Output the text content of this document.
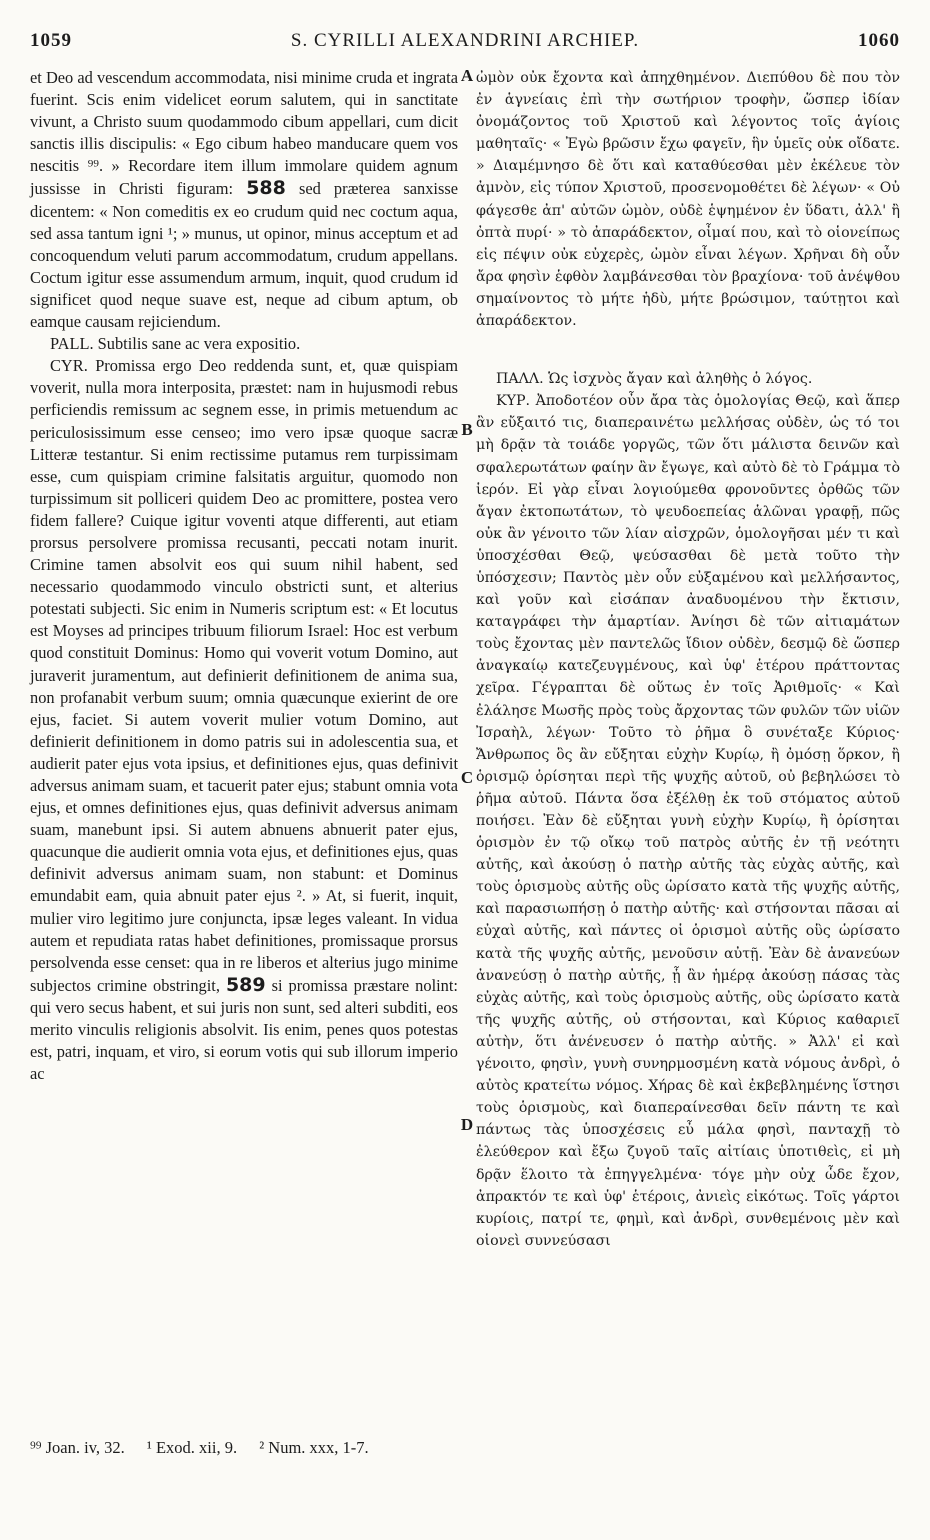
1059	S. CYRILLI ALEXANDRINI ARCHIEP.	1060

et Deo ad vescendum accommodata, nisi minime cruda et ingrata fuerint. Scis enim videlicet eorum salutem, qui in sanctitate vivunt, a Christo suum quodammodo cibum appellari, cum dicit sanctis illis discipulis: « Ego cibum habeo manducare quem vos nescitis ⁹⁹. » Recordare item illum immolare quidem agnum jussisse in Christi figuram: 588 sed præterea sanxisse dicentem: « Non comeditis ex eo crudum quid nec coctum aqua, sed assa tantum igni ¹; » munus, ut opinor, minus acceptum et ad concoquendum veluti parum accommodatum, crudum appellans. Coctum igitur esse assumendum armum, inquit, quod crudum id significet quod neque suave est, neque ad cibum aptum, ob eamque causam rejiciendum.

PALL. Subtilis sane ac vera expositio.

CYR. Promissa ergo Deo reddenda sunt, et, quæ quispiam voverit, nulla mora interposita, præstet: nam in hujusmodi rebus perficiendis remissum ac segnem esse, in primis metuendum ac periculosissimum esse censeo; imo vero ipsæ quoque sacræ Litteræ testantur. Si enim rectissime putamus rem turpissimam esse, cum quispiam crimine falsitatis arguitur, quomodo non turpissimum sit polliceri quidem Deo ac promittere, postea vero fidem fallere? Cuique igitur voventi atque differenti, aut etiam prorsus persolvere promissa recusanti, peccati notam inurit. Crimine tamen absolvit eos qui suum nihil habent, sed necessario quodammodo vinculo obstricti sunt, et alterius potestati subjecti. Sic enim in Numeris scriptum est: « Et locutus est Moyses ad principes tribuum filiorum Israel: Hoc est verbum quod constituit Dominus: Homo qui voverit votum Domino, aut juraverit juramentum, aut definierit definitionem de anima sua, non profanabit verbum suum; omnia quæcunque exierint de ore ejus, faciet. Si autem voverit mulier votum Domino, aut definierit definitionem in domo patris sui in adolescentia sua, et audierit pater ejus vota ipsius, et definitiones ejus, quas definivit adversus animam suam, et tacuerit pater ejus; stabunt omnia vota ejus, et omnes definitiones ejus, quas definivit adversus animam suam, manebunt ipsi. Si autem abnuens abnuerit pater ejus, quacunque die audierit omnia vota ejus, et definitiones ejus, quas definivit adversus animam suam, non stabunt: et Dominus emundabit eam, quia abnuit pater ejus ². » At, si fuerit, inquit, mulier viro legitimo jure conjuncta, ipsæ leges valeant. In vidua autem et repudiata ratas habet definitiones, promissaque prorsus persolvenda esse censet: qua in re liberos et alterius jugo minime subjectos crimine obstringit, 589 si promissa præstare nolint: qui vero secus habent, et sui juris non sunt, sed alteri subditi, eos merito vinculis religionis absolvit. Iis enim, penes quos potestas est, patri, inquam, et viro, si eorum votis qui sub illorum imperio ac

A
B
C
D

ὠμὸν οὐκ ἔχοντα καὶ ἀπηχθημένον. Διεπύθου δὲ που τὸν ἐν ἁγνείαις ἐπὶ τὴν σωτήριον τροφὴν, ὥσπερ ἰδίαν ὀνομάζοντος τοῦ Χριστοῦ καὶ λέγοντος τοῖς ἁγίοις μαθηταῖς· « Ἐγὼ βρῶσιν ἔχω φαγεῖν, ἣν ὑμεῖς οὐκ οἴδατε. » Διαμέμνησο δὲ ὅτι καὶ καταθύεσθαι μὲν ἐκέλευε τὸν ἀμνὸν, εἰς τύπον Χριστοῦ, προσενομοθέτει δὲ λέγων· « Οὐ φάγεσθε ἀπ' αὐτῶν ὠμὸν, οὐδὲ ἑψημένον ἐν ὕδατι, ἀλλ' ἢ ὀπτὰ πυρί· » τὸ ἀπαράδεκτον, οἶμαί που, καὶ τὸ οἱονείπως εἰς πέψιν οὐκ εὐχερὲς, ὠμὸν εἶναι λέγων. Χρῆναι δὴ οὖν ἄρα φησὶν ἑφθὸν λαμβάνεσθαι τὸν βραχίονα· τοῦ ἀνέψθου σημαίνοντος τὸ μήτε ἡδὺ, μήτε βρώσιμον, ταύτῃτοι καὶ ἀπαράδεκτον.

ΠΑΛΛ. Ὡς ἰσχνὸς ἄγαν καὶ ἀληθὴς ὁ λόγος.

ΚΥΡ. Ἀποδοτέον οὖν ἄρα τὰς ὁμολογίας Θεῷ, καὶ ἅπερ ἂν εὔξαιτό τις, διαπεραινέτω μελλήσας οὐδὲν, ὡς τό τοι μὴ δρᾷν τὰ τοιάδε γοργῶς, τῶν ὅτι μάλιστα δεινῶν καὶ σφαλερωτάτων φαίην ἂν ἔγωγε, καὶ αὐτὸ δὲ τὸ Γράμμα τὸ ἱερόν. Εἰ γὰρ εἶναι λογιούμεθα φρονοῦντες ὀρθῶς τῶν ἄγαν ἐκτοπωτάτων, τὸ ψευδοεπείας ἁλῶναι γραφῇ, πῶς οὐκ ἂν γένοιτο τῶν λίαν αἰσχρῶν, ὁμολογῆσαι μέν τι καὶ ὑποσχέσθαι Θεῷ, ψεύσασθαι δὲ μετὰ τοῦτο τὴν ὑπόσχεσιν; Παντὸς μὲν οὖν εὐξαμένου καὶ μελλήσαντος, καὶ γοῦν καὶ εἰσάπαν ἀναδυομένου τὴν ἔκτισιν, καταγράφει τὴν ἁμαρτίαν. Ἀνίησι δὲ τῶν αἰτιαμάτων τοὺς ἔχοντας μὲν παντελῶς ἴδιον οὐδὲν, δεσμῷ δὲ ὥσπερ ἀναγκαίῳ κατεζευγμένους, καὶ ὑφ' ἑτέρου πράττοντας χεῖρα. Γέγραπται δὲ οὕτως ἐν τοῖς Ἀριθμοῖς· « Καὶ ἐλάλησε Μωσῆς πρὸς τοὺς ἄρχοντας τῶν φυλῶν τῶν υἱῶν Ἰσραὴλ, λέγων· Τοῦτο τὸ ῥῆμα ὃ συνέταξε Κύριος· Ἄνθρωπος ὃς ἂν εὔξηται εὐχὴν Κυρίῳ, ἢ ὀμόσῃ ὅρκον, ἢ ὁρισμῷ ὁρίσηται περὶ τῆς ψυχῆς αὐτοῦ, οὐ βεβηλώσει τὸ ῥῆμα αὐτοῦ. Πάντα ὅσα ἐξέλθῃ ἐκ τοῦ στόματος αὐτοῦ ποιήσει. Ἐὰν δὲ εὔξηται γυνὴ εὐχὴν Κυρίῳ, ἢ ὁρίσηται ὁρισμὸν ἐν τῷ οἴκῳ τοῦ πατρὸς αὐτῆς ἐν τῇ νεότητι αὐτῆς, καὶ ἀκούσῃ ὁ πατὴρ αὐτῆς τὰς εὐχὰς αὐτῆς, καὶ τοὺς ὁρισμοὺς αὐτῆς οὓς ὡρίσατο κατὰ τῆς ψυχῆς αὐτῆς, καὶ παρασιωπήσῃ ὁ πατὴρ αὐτῆς· καὶ στήσονται πᾶσαι αἱ εὐχαὶ αὐτῆς, καὶ πάντες οἱ ὁρισμοὶ αὐτῆς οὓς ὡρίσατο κατὰ τῆς ψυχῆς αὐτῆς, μενοῦσιν αὐτῇ. Ἐὰν δὲ ἀνανεύων ἀνανεύσῃ ὁ πατὴρ αὐτῆς, ᾗ ἂν ἡμέρᾳ ἀκούσῃ πάσας τὰς εὐχὰς αὐτῆς, καὶ τοὺς ὁρισμοὺς αὐτῆς, οὓς ὡρίσατο κατὰ τῆς ψυχῆς αὐτῆς, οὐ στήσονται, καὶ Κύριος καθαριεῖ αὐτὴν, ὅτι ἀνένευσεν ὁ πατὴρ αὐτῆς. » Ἀλλ' εἰ καὶ γένοιτο, φησὶν, γυνὴ συνηρμοσμένη κατὰ νόμους ἀνδρὶ, ὁ αὐτὸς κρατείτω νόμος. Χήρας δὲ καὶ ἐκβεβλημένης ἵστησι τοὺς ὁρισμοὺς, καὶ διαπεραίνεσθαι δεῖν πάντη τε καὶ πάντως τὰς ὑποσχέσεις εὖ μάλα φησὶ, πανταχῇ τὸ ἐλεύθερον καὶ ἔξω ζυγοῦ ταῖς αἰτίαις ὑποτιθεὶς, εἰ μὴ δρᾷν ἕλοιτο τὰ ἐπηγγελμένα· τόγε μὴν οὐχ ὧδε ἔχον, ἀπρακτόν τε καὶ ὑφ' ἑτέροις, ἀνιεὶς εἰκότως. Τοῖς γάρτοι κυρίοις, πατρί τε, φημὶ, καὶ ἀνδρὶ, συνθεμένοις μὲν καὶ οἱονεὶ συννεύσασι

⁹⁹ Joan. iv, 32. ¹ Exod. xii, 9. ² Num. xxx, 1-7.
